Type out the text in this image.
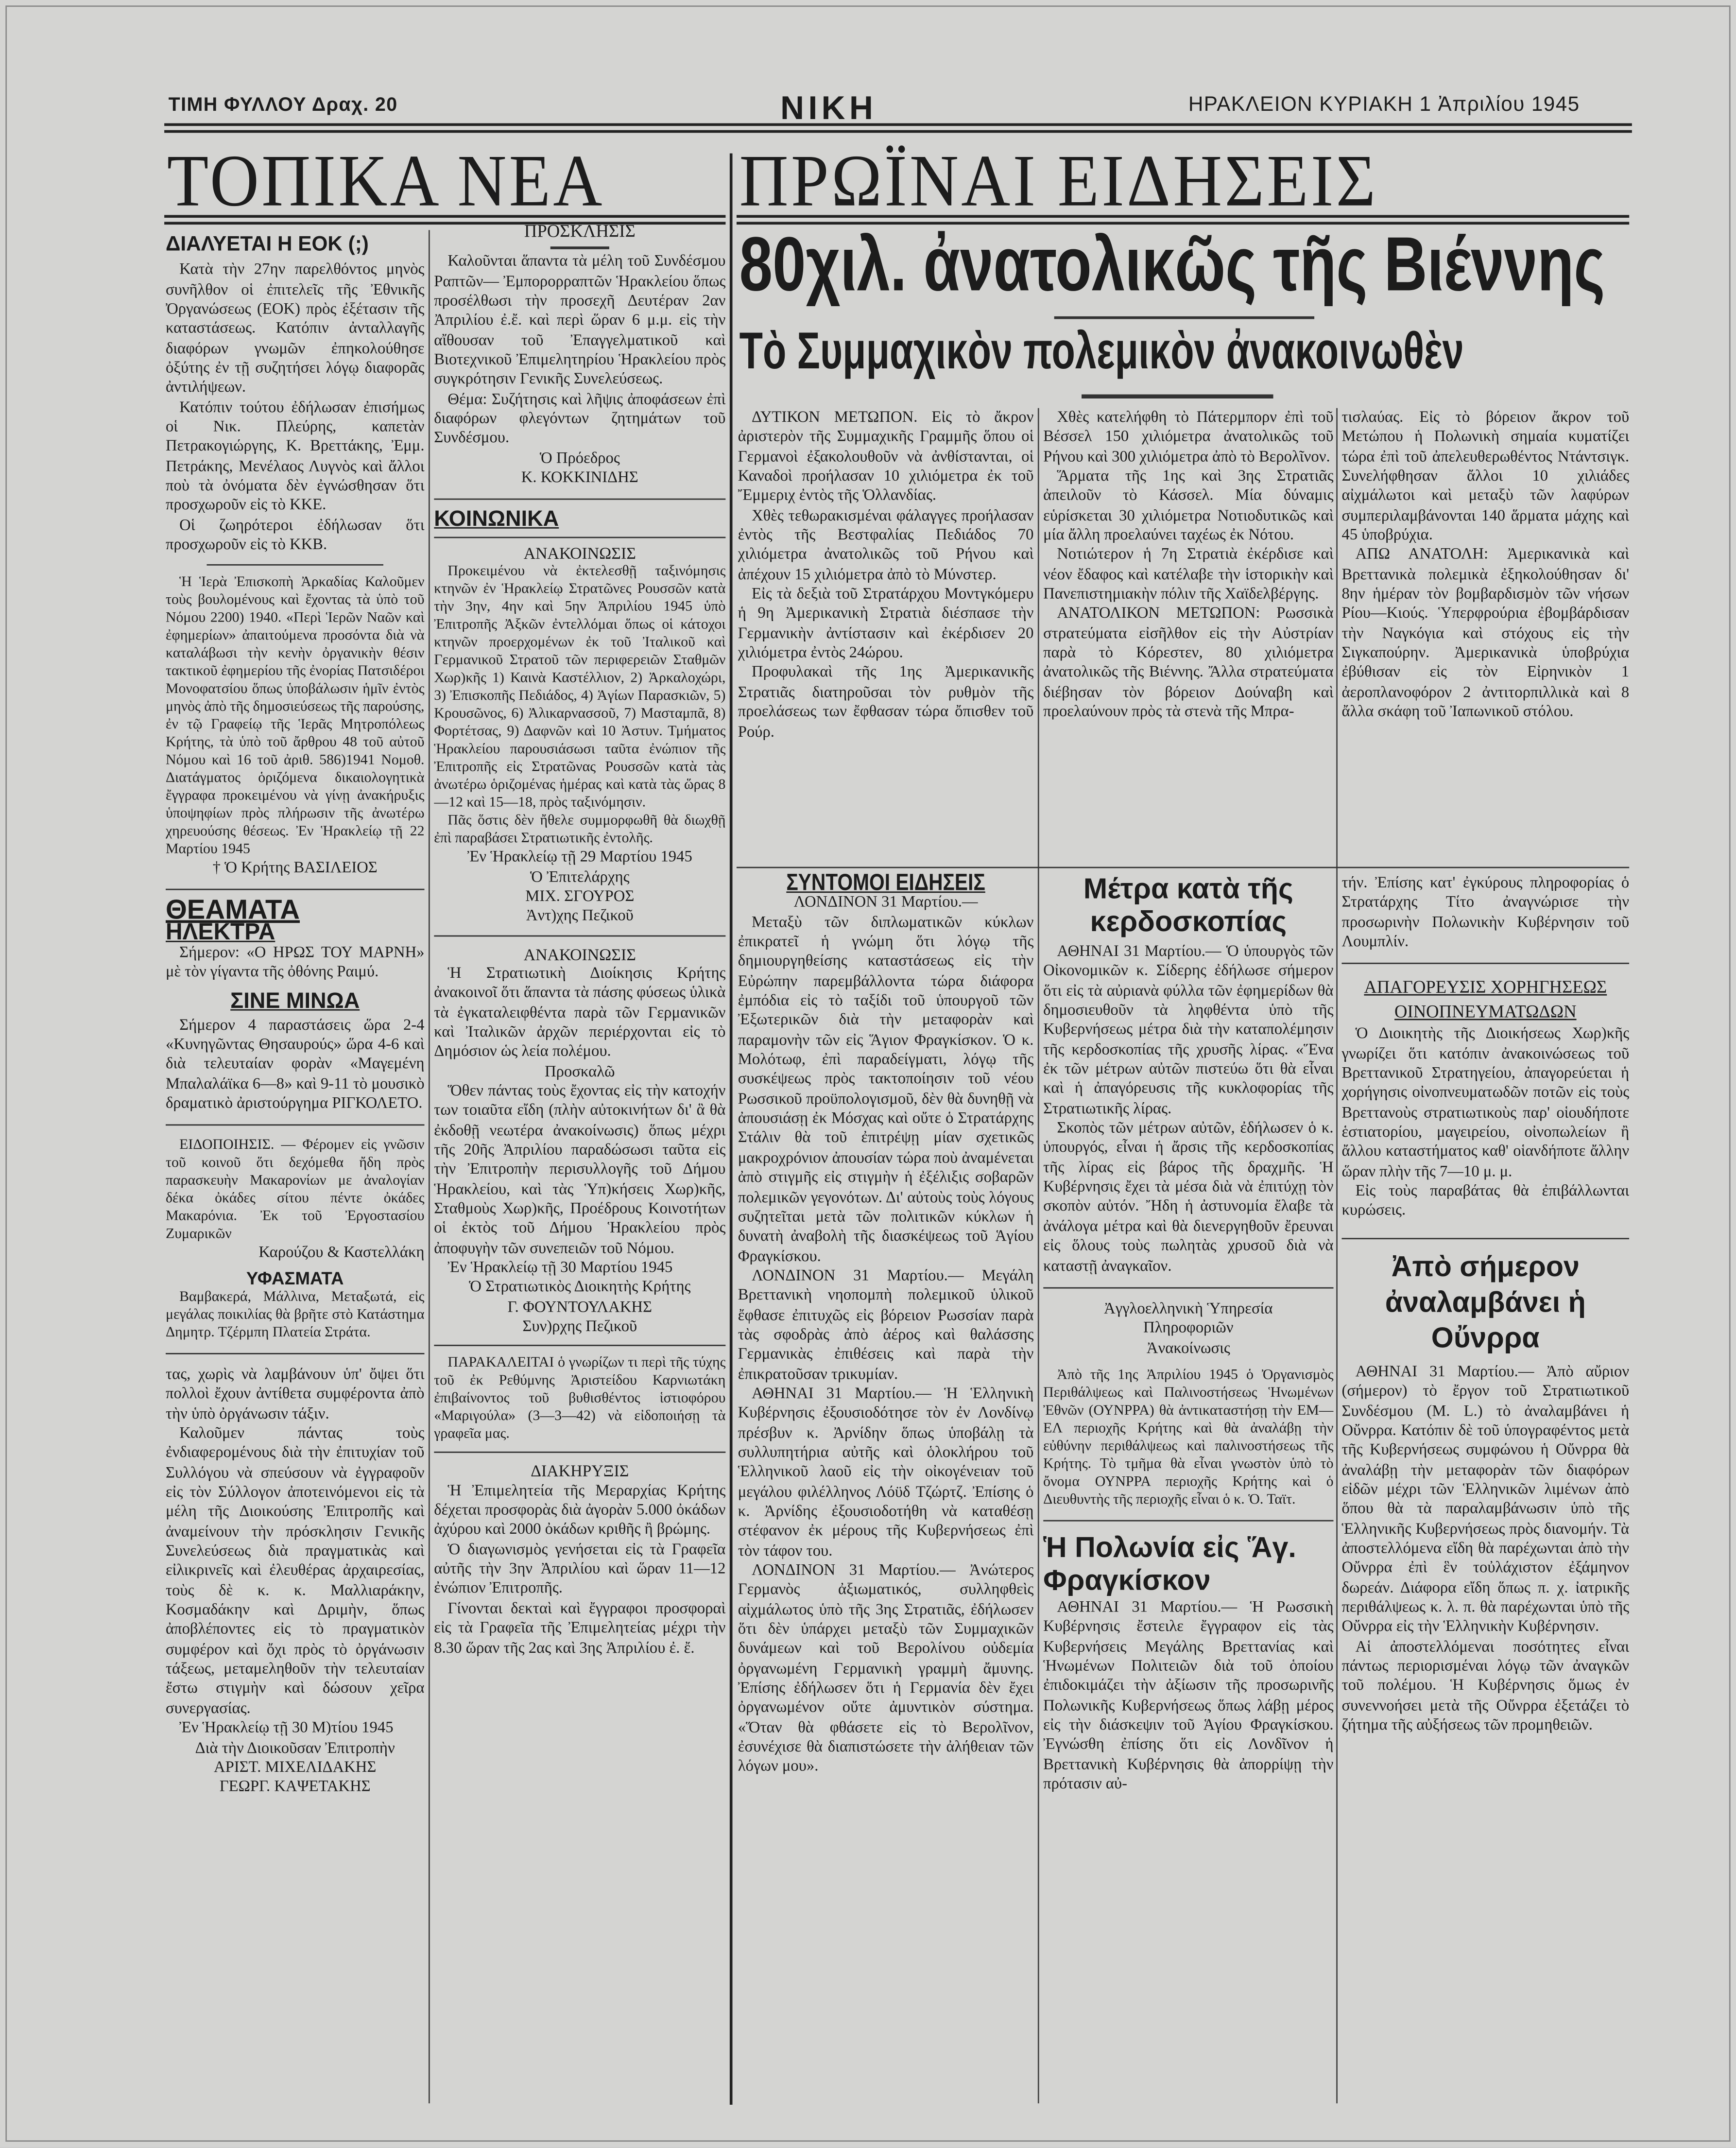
ΤΙΜΗ ΦΥΛΛΟΥ Δραχ. 20	ΝΙΚΗ	ΗΡΑΚΛΕΙΟΝ ΚΥΡΙΑΚΗ 1 Ἀπριλίου 1945
ΤΟΠΙΚΑ ΝΕΑ	ΠΡΩΪΝΑΙ ΕΙΔΗΣΕΙΣ
ΔΙΑΛΥΕΤΑΙ Η ΕΟΚ (;)

Κατὰ τὴν 27ην παρελθόντος μηνὸς συνῆλθον οἱ ἐπιτελεῖς τῆς Ἐθνικῆς Ὀργανώσεως (ΕΟΚ) πρὸς ἐξέτασιν τῆς καταστάσεως. Κατόπιν ἀνταλλαγῆς διαφόρων γνωμῶν ἐπηκολούθησε ὀξύτης ἐν τῇ συζητήσει λόγῳ διαφορᾶς ἀντιλήψεων.

Κατόπιν τούτου ἐδήλωσαν ἐπισήμως οἱ Νικ. Πλεύρης, καπετὰν Πετρακογιώργης, Κ. Βρεττάκης, Ἐμμ. Πετράκης, Μενέλαος Λυγνὸς καὶ ἄλλοι ποὺ τὰ ὀνόματα δὲν ἐγνώσθησαν ὅτι προσχωροῦν εἰς τὸ ΚΚΕ.

Οἱ ζωηρότεροι ἐδήλωσαν ὅτι προσχωροῦν εἰς τὸ ΚΚΒ.

Ἡ Ἱερὰ Ἐπισκοπὴ Ἀρκαδίας Καλοῦμεν τοὺς βουλομένους καὶ ἔχοντας τὰ ὑπὸ τοῦ Νόμου 2200) 1940. «Περὶ Ἱερῶν Ναῶν καὶ ἐφημερίων» ἀπαιτούμενα προσόντα διὰ νὰ καταλάβωσι τὴν κενὴν ὀργανικὴν θέσιν τακτικοῦ ἐφημερίου τῆς ἐνορίας Πατσιδέροι Μονοφατσίου ὅπως ὑποβάλωσιν ἡμῖν ἐντὸς μηνὸς ἀπὸ τῆς δημοσιεύσεως τῆς παρούσης, ἐν τῷ Γραφείῳ τῆς Ἱερᾶς Μητροπόλεως Κρήτης, τὰ ὑπὸ τοῦ ἄρθρου 48 τοῦ αὐτοῦ Νόμου καὶ 16 τοῦ ἀριθ. 586)1941 Νομοθ. Διατάγματος ὁριζόμενα δικαιολογητικὰ ἔγγραφα προκειμένου νὰ γίνῃ ἀνακήρυξις ὑποψηφίων πρὸς πλήρωσιν τῆς ἀνωτέρω χηρευούσης θέσεως. Ἐν Ἡρακλείῳ τῇ 22 Μαρτίου 1945

† Ὁ Κρήτης ΒΑΣΙΛΕΙΟΣ

ΘΕΑΜΑΤΑ
ΗΛΕΚΤΡΑ

Σήμερον: «Ο ΗΡΩΣ ΤΟΥ ΜΑΡΝΗ» μὲ τὸν γίγαντα τῆς ὀθόνης Ραιμύ.

ΣΙΝΕ ΜΙΝΩΑ

Σήμερον 4 παραστάσεις ὥρα 2-4 «Κυνηγῶντας Θησαυρούς» ὥρα 4-6 καὶ διὰ τελευταίαν φορὰν «Μαγεμένη Μπαλαλάϊκα 6—8» καὶ 9-11 τὸ μουσικὸ δραματικὸ ἀριστούργημα ΡΙΓΚΟΛΕΤΟ.

ΕΙΔΟΠΟΙΗΣΙΣ. — Φέρομεν εἰς γνῶσιν τοῦ κοινοῦ ὅτι δεχόμεθα ἤδη πρὸς παρασκευὴν Μακαρονίων με ἀναλογίαν δέκα ὀκάδες σίτου πέντε ὀκάδες Μακαρόνια. Ἐκ τοῦ Ἐργοστασίου Ζυμαρικῶν

Καρούζου & Καστελλάκη

ΥΦΑΣΜΑΤΑ

Βαμβακερά, Μάλλινα, Μεταξωτά, εἰς μεγάλας ποικιλίας θὰ βρῆτε στὸ Κατάστημα Δημητρ. Τζέρμπη Πλατεία Στράτα.

τας, χωρὶς νὰ λαμβάνουν ὑπ' ὄψει ὅτι πολλοὶ ἔχουν ἀντίθετα συμφέροντα ἀπὸ τὴν ὑπὸ ὀργάνωσιν τάξιν.

Καλοῦμεν πάντας τοὺς ἐνδιαφερομένους διὰ τὴν ἐπιτυχίαν τοῦ Συλλόγου νὰ σπεύσουν νὰ ἐγγραφοῦν εἰς τὸν Σύλλογον ἀποτεινόμενοι εἰς τὰ μέλη τῆς Διοικούσης Ἐπιτροπῆς καὶ ἀναμείνουν τὴν πρόσκλησιν Γενικῆς Συνελεύσεως διὰ πραγματικὰς καὶ εἰλικρινεῖς καὶ ἐλευθέρας ἀρχαιρεσίας, τοὺς δὲ κ. κ. Μαλλιαράκην, Κοσμαδάκην καὶ Δριμὴν, ὅπως ἀποβλέποντες εἰς τὸ πραγματικὸν συμφέρον καὶ ὄχι πρὸς τὸ ὀργάνωσιν τάξεως, μεταμεληθοῦν τὴν τελευταίαν ἔστω στιγμὴν καὶ δώσουν χεῖρα συνεργασίας.

Ἐν Ἡρακλείῳ τῇ 30 Μ)τίου 1945

Διὰ τὴν Διοικοῦσαν Ἐπιτροπὴν

ΑΡΙΣΤ. ΜΙΧΕΛΙΔΑΚΗΣ

ΓΕΩΡΓ. ΚΑΨΕΤΑΚΗΣ

ΠΡΟΣΚΛΗΣΙΣ

Καλοῦνται ἅπαντα τὰ μέλη τοῦ Συνδέσμου Ραπτῶν— Ἐμπορορραπτῶν Ἡρακλείου ὅπως προσέλθωσι τὴν προσεχῆ Δευτέραν 2αν Ἀπριλίου ἐ.ἔ. καὶ περὶ ὥραν 6 μ.μ. εἰς τὴν αἴθουσαν τοῦ Ἐπαγγελματικοῦ καὶ Βιοτεχνικοῦ Ἐπιμελητηρίου Ἡρακλείου πρὸς συγκρότησιν Γενικῆς Συνελεύσεως.

Θέμα: Συζήτησις καὶ λῆψις ἀποφάσεων ἐπὶ διαφόρων φλεγόντων ζητημάτων τοῦ Συνδέσμου.

Ὁ Πρόεδρος

Κ. ΚΟΚΚΙΝΙΔΗΣ

ΚΟΙΝΩΝΙΚΑ
ΑΝΑΚΟΙΝΩΣΙΣ

Προκειμένου νὰ ἐκτελεσθῇ ταξινόμησις κτηνῶν ἐν Ἡρακλείῳ Στρατῶνες Ρουσσῶν κατὰ τὴν 3ην, 4ην καὶ 5ην Ἀπριλίου 1945 ὑπὸ Ἐπιτροπῆς Ἀξκῶν ἐντελλόμαι ὅπως οἱ κάτοχοι κτηνῶν προερχομένων ἐκ τοῦ Ἰταλικοῦ καὶ Γερμανικοῦ Στρατοῦ τῶν περιφερειῶν Σταθμῶν Χωρ)κῆς 1) Καινὰ Καστέλλιον, 2) Ἀρκαλοχώρι, 3) Ἐπισκοπῆς Πεδιάδος, 4) Ἁγίων Παρασκιῶν, 5) Κρουσῶνος, 6) Ἀλικαρνασσοῦ, 7) Μασταμπᾶ, 8) Φορτέτσας, 9) Δαφνῶν καὶ 10 Ἀστυν. Τμήματος Ἡρακλείου παρουσιάσωσι ταῦτα ἐνώπιον τῆς Ἐπιτροπῆς εἰς Στρατῶνας Ρουσσῶν κατὰ τὰς ἀνωτέρω ὁριζομένας ἡμέρας καὶ κατὰ τὰς ὥρας 8—12 καὶ 15—18, πρὸς ταξινόμησιν.

Πᾶς ὅστις δὲν ἤθελε συμμορφωθῆ θὰ διωχθῇ ἐπὶ παραβάσει Στρατιωτικῆς ἐντολῆς.

Ἐν Ἡρακλείῳ τῇ 29 Μαρτίου 1945

Ὁ Ἐπιτελάρχης

ΜΙΧ. ΣΓΟΥΡΟΣ

Ἀντ)χης Πεζικοῦ

ΑΝΑΚΟΙΝΩΣΙΣ

Ἡ Στρατιωτικὴ Διοίκησις Κρήτης ἀνακοινοῖ ὅτι ἅπαντα τὰ πάσης φύσεως ὑλικὰ τὰ ἐγκαταλειφθέντα παρὰ τῶν Γερμανικῶν καὶ Ἰταλικῶν ἀρχῶν περιέρχονται εἰς τὸ Δημόσιον ὡς λεία πολέμου.

Προσκαλῶ

Ὅθεν πάντας τοὺς ἔχοντας εἰς τὴν κατοχήν των τοιαῦτα εἴδη (πλὴν αὐτοκινήτων δι' ἃ θὰ ἐκδοθῇ νεωτέρα ἀνακοίνωσις) ὅπως μέχρι τῆς 20ῆς Ἀπριλίου παραδώσωσι ταῦτα εἰς τὴν Ἐπιτροπὴν περισυλλογῆς τοῦ Δήμου Ἡρακλείου, καὶ τὰς Ὑπ)κήσεις Χωρ)κῆς, Σταθμοὺς Χωρ)κῆς, Προέδρους Κοινοτήτων οἱ ἐκτὸς τοῦ Δήμου Ἡρακλείου πρὸς ἀποφυγὴν τῶν συνεπειῶν τοῦ Νόμου.

Ἐν Ἡρακλείῳ τῇ 30 Μαρτίου 1945

Ὁ Στρατιωτικὸς Διοικητὴς Κρήτης

Γ. ΦΟΥΝΤΟΥΛΑΚΗΣ

Συν)ρχης Πεζικοῦ

ΠΑΡΑΚΑΛΕΙΤΑΙ ὁ γνωρίζων τι περὶ τῆς τύχης τοῦ ἐκ Ρεθύμνης Ἀριστείδου Καρνιωτάκη ἐπιβαίνοντος τοῦ βυθισθέντος ἱστιοφόρου «Μαριγούλα» (3—3—42) νὰ εἰδοποιήσῃ τὰ γραφεῖα μας.

ΔΙΑΚΗΡΥΞΙΣ

Ἡ Ἐπιμελητεία τῆς Μεραρχίας Κρήτης δέχεται προσφορὰς διὰ ἀγορὰν 5.000 ὀκάδων ἀχύρου καὶ 2000 ὀκάδων κριθῆς ἢ βρώμης.

Ὁ διαγωνισμὸς γενήσεται εἰς τὰ Γραφεῖα αὐτῆς τὴν 3ην Ἀπριλίου καὶ ὥραν 11—12 ἐνώπιον Ἐπιτροπῆς.

Γίνονται δεκταὶ καὶ ἔγγραφοι προσφοραὶ εἰς τὰ Γραφεῖα τῆς Ἐπιμελητείας μέχρι τὴν 8.30 ὥραν τῆς 2ας καὶ 3ης Ἀπριλίου ἐ. ἔ.

80χιλ. ἀνατολικῶς τῆς Βιέννης
Τὸ Συμμαχικὸν πολεμικὸν ἀνακοινωθὲν

ΔΥΤΙΚΟΝ ΜΕΤΩΠΟΝ. Εἰς τὸ ἄκρον ἀριστερὸν τῆς Συμμαχικῆς Γραμμῆς ὅπου οἱ Γερμανοὶ ἐξακολουθοῦν νὰ ἀνθίστανται, οἱ Καναδοὶ προήλασαν 10 χιλιόμετρα ἐκ τοῦ Ἔμμεριχ ἐντὸς τῆς Ὁλλανδίας.

Χθὲς τεθωρακισμέναι φάλαγγες προήλασαν ἐντὸς τῆς Βεστφαλίας Πεδιάδος 70 χιλιόμετρα ἀνατολικῶς τοῦ Ρήνου καὶ ἀπέχουν 15 χιλιόμετρα ἀπὸ τὸ Μύνστερ.

Εἰς τὰ δεξιὰ τοῦ Στρατάρχου Μοντγκόμερυ ἡ 9η Ἀμερικανικὴ Στρατιὰ διέσπασε τὴν Γερμανικὴν ἀντίστασιν καὶ ἐκέρδισεν 20 χιλιόμετρα ἐντὸς 24ώρου.

Προφυλακαὶ τῆς 1ης Ἀμερικανικῆς Στρατιᾶς διατηροῦσαι τὸν ρυθμὸν τῆς προελάσεως των ἔφθασαν τώρα ὄπισθεν τοῦ Ρούρ.

Χθὲς κατελήφθη τὸ Πάτερμπορν ἐπὶ τοῦ Βέσσελ 150 χιλιόμετρα ἀνατολικῶς τοῦ Ρήνου καὶ 300 χιλιόμετρα ἀπὸ τὸ Βερολῖνον.

Ἅρματα τῆς 1ης καὶ 3ης Στρατιᾶς ἀπειλοῦν τὸ Κάσσελ. Μία δύναμις εὑρίσκεται 30 χιλιόμετρα Νοτιοδυτικῶς καὶ μία ἄλλη προελαύνει ταχέως ἐκ Νότου.

Νοτιώτερον ἡ 7η Στρατιὰ ἐκέρδισε καὶ νέον ἔδαφος καὶ κατέλαβε τὴν ἱστορικὴν καὶ Πανεπιστημιακὴν πόλιν τῆς Χαϊδελβέργης.

ΑΝΑΤΟΛΙΚΟΝ ΜΕΤΩΠΟΝ: Ρωσσικὰ στρατεύματα εἰσῆλθον εἰς τὴν Αὐστρίαν παρὰ τὸ Κόρεστεν, 80 χιλιόμετρα ἀνατολικῶς τῆς Βιέννης. Ἄλλα στρατεύματα διέβησαν τὸν βόρειον Δούναβη καὶ προελαύνουν πρὸς τὰ στενὰ τῆς Μπρα-

τισλαύας. Εἰς τὸ βόρειον ἄκρον τοῦ Μετώπου ἡ Πολωνικὴ σημαία κυματίζει τώρα ἐπὶ τοῦ ἀπελευθερωθέντος Ντάντσιγκ. Συνελήφθησαν ἄλλοι 10 χιλιάδες αἰχμάλωτοι καὶ μεταξὺ τῶν λαφύρων συμπεριλαμβάνονται 140 ἅρματα μάχης καὶ 45 ὑποβρύχια.

ΑΠΩ ΑΝΑΤΟΛΗ: Ἀμερικανικὰ καὶ Βρεττανικὰ πολεμικὰ ἐξηκολούθησαν δι' 8ην ἡμέραν τὸν βομβαρδισμὸν τῶν νήσων Ρίου—Κιούς. Ὑπερφρούρια ἐβομβάρδισαν τὴν Ναγκόγια καὶ στόχους εἰς τὴν Σιγκαπούρην. Ἀμερικανικὰ ὑποβρύχια ἐβύθισαν εἰς τὸν Εἰρηνικὸν 1 ἀεροπλανοφόρον 2 ἀντιτορπιλλικὰ καὶ 8 ἄλλα σκάφη τοῦ Ἰαπωνικοῦ στόλου.

ΣΥΝΤΟΜΟΙ ΕΙΔΗΣΕΙΣ

ΛΟΝΔΙΝΟΝ 31 Μαρτίου.—

Μεταξὺ τῶν διπλωματικῶν κύκλων ἐπικρατεῖ ἡ γνώμη ὅτι λόγῳ τῆς δημιουργηθείσης καταστάσεως εἰς τὴν Εὐρώπην παρεμβάλλοντα τώρα διάφορα ἐμπόδια εἰς τὸ ταξίδι τοῦ ὑπουργοῦ τῶν Ἐξωτερικῶν διὰ τὴν μεταφορὰν καὶ παραμονὴν τῶν εἰς Ἅγιον Φραγκίσκον. Ὁ κ. Μολότωφ, ἐπὶ παραδείγματι, λόγῳ τῆς συσκέψεως πρὸς τακτοποίησιν τοῦ νέου Ρωσσικοῦ προϋπολογισμοῦ, δὲν θὰ δυνηθῇ νὰ ἀπουσιάσῃ ἐκ Μόσχας καὶ οὔτε ὁ Στρατάρχης Στάλιν θὰ τοῦ ἐπιτρέψῃ μίαν σχετικῶς μακροχρόνιον ἀπουσίαν τώρα ποὺ ἀναμένεται ἀπὸ στιγμῆς εἰς στιγμὴν ἡ ἐξέλιξις σοβαρῶν πολεμικῶν γεγονότων. Δι' αὐτοὺς τοὺς λόγους συζητεῖται μετὰ τῶν πολιτικῶν κύκλων ἡ δυνατὴ ἀναβολὴ τῆς διασκέψεως τοῦ Ἁγίου Φραγκίσκου.

ΛΟΝΔΙΝΟΝ 31 Μαρτίου.— Μεγάλη Βρεττανικὴ νηοπομπὴ πολεμικοῦ ὑλικοῦ ἔφθασε ἐπιτυχῶς εἰς βόρειον Ρωσσίαν παρὰ τὰς σφοδρὰς ἀπὸ ἀέρος καὶ θαλάσσης Γερμανικὰς ἐπιθέσεις καὶ παρὰ τὴν ἐπικρατοῦσαν τρικυμίαν.

ΑΘΗΝΑΙ 31 Μαρτίου.— Ἡ Ἑλληνικὴ Κυβέρνησις ἐξουσιοδότησε τὸν ἐν Λονδίνῳ πρέσβυν κ. Ἀρνίδην ὅπως ὑποβάλῃ τὰ συλλυπητήρια αὐτῆς καὶ ὁλοκλήρου τοῦ Ἑλληνικοῦ λαοῦ εἰς τὴν οἰκογένειαν τοῦ μεγάλου φιλέλληνος Λόϋδ Τζώρτζ. Ἐπίσης ὁ κ. Ἀρνίδης ἐξουσιοδοτήθη νὰ καταθέσῃ στέφανον ἐκ μέρους τῆς Κυβερνήσεως ἐπὶ τὸν τάφον του.

ΛΟΝΔΙΝΟΝ 31 Μαρτίου.— Ἀνώτερος Γερμανὸς ἀξιωματικός, συλληφθεὶς αἰχμάλωτος ὑπὸ τῆς 3ης Στρατιᾶς, ἐδήλωσεν ὅτι δὲν ὑπάρχει μεταξὺ τῶν Συμμαχικῶν δυνάμεων καὶ τοῦ Βερολίνου οὐδεμία ὀργανωμένη Γερμανικὴ γραμμὴ ἄμυνης. Ἐπίσης ἐδήλωσεν ὅτι ἡ Γερμανία δὲν ἔχει ὀργανωμένον οὔτε ἀμυντικὸν σύστημα. «Ὅταν θὰ φθάσετε εἰς τὸ Βερολῖνον, ἐσυνέχισε θὰ διαπιστώσετε τὴν ἀλήθειαν τῶν λόγων μου».

Μέτρα κατὰ τῆς κερδοσκοπίας

ΑΘΗΝΑΙ 31 Μαρτίου.— Ὁ ὑπουργὸς τῶν Οἰκονομικῶν κ. Σίδερης ἐδήλωσε σήμερον ὅτι εἰς τὰ αὐριανὰ φύλλα τῶν ἐφημερίδων θὰ δημοσιευθοῦν τὰ ληφθέντα ὑπὸ τῆς Κυβερνήσεως μέτρα διὰ τὴν καταπολέμησιν τῆς κερδοσκοπίας τῆς χρυσῆς λίρας. «Ἕνα ἐκ τῶν μέτρων αὐτῶν πιστεύω ὅτι θὰ εἶναι καὶ ἡ ἀπαγόρευσις τῆς κυκλοφορίας τῆς Στρατιωτικῆς λίρας.

Σκοπὸς τῶν μέτρων αὐτῶν, ἐδήλωσεν ὁ κ. ὑπουργός, εἶναι ἡ ἄρσις τῆς κερδοσκοπίας τῆς λίρας εἰς βάρος τῆς δραχμῆς. Ἡ Κυβέρνησις ἔχει τὰ μέσα διὰ νὰ ἐπιτύχῃ τὸν σκοπὸν αὐτόν. Ἤδη ἡ ἀστυνομία ἔλαβε τὰ ἀνάλογα μέτρα καὶ θὰ διενεργηθοῦν ἔρευναι εἰς ὅλους τοὺς πωλητὰς χρυσοῦ διὰ νὰ καταστῇ ἀναγκαῖον.

Ἀγγλοελληνικὴ Ὑπηρεσία

Πληροφοριῶν

Ἀνακοίνωσις

Ἀπὸ τῆς 1ης Ἀπριλίου 1945 ὁ Ὀργανισμὸς Περιθάλψεως καὶ Παλινοστήσεως Ἡνωμένων Ἐθνῶν (ΟΥΝΡΡΑ) θὰ ἀντικαταστήσῃ τὴν ΕΜ—ΕΛ περιοχῆς Κρήτης καὶ θὰ ἀναλάβῃ τὴν εὐθύνην περιθάλψεως καὶ παλινοστήσεως τῆς Κρήτης. Τὸ τμῆμα θὰ εἶναι γνωστὸν ὑπὸ τὸ ὄνομα ΟΥΝΡΡΑ περιοχῆς Κρήτης καὶ ὁ Διευθυντὴς τῆς περιοχῆς εἶναι ὁ κ. Ὁ. Ταϊτ.

Ἡ Πολωνία εἰς Ἅγ. Φραγκίσκον

ΑΘΗΝΑΙ 31 Μαρτίου.— Ἡ Ρωσσικὴ Κυβέρνησις ἔστειλε ἔγγραφον εἰς τὰς Κυβερνήσεις Μεγάλης Βρεττανίας καὶ Ἡνωμένων Πολιτειῶν διὰ τοῦ ὁποίου ἐπιδοκιμάζει τὴν ἀξίωσιν τῆς προσωρινῆς Πολωνικῆς Κυβερνήσεως ὅπως λάβῃ μέρος εἰς τὴν διάσκεψιν τοῦ Ἁγίου Φραγκίσκου. Ἐγνώσθη ἐπίσης ὅτι εἰς Λονδῖνον ἡ Βρεττανικὴ Κυβέρνησις θὰ ἀπορρίψῃ τὴν πρότασιν αὐ-

τήν. Ἐπίσης κατ' ἐγκύρους πληροφορίας ὁ Στρατάρχης Τίτο ἀναγνώρισε τὴν προσωρινὴν Πολωνικὴν Κυβέρνησιν τοῦ Λουμπλίν.

ΑΠΑΓΟΡΕΥΣΙΣ ΧΟΡΗΓΗΣΕΩΣ ΟΙΝΟΠΝΕΥΜΑΤΩΔΩΝ

Ὁ Διοικητὴς τῆς Διοικήσεως Χωρ)κῆς γνωρίζει ὅτι κατόπιν ἀνακοινώσεως τοῦ Βρεττανικοῦ Στρατηγείου, ἀπαγορεύεται ἡ χορήγησις οἰνοπνευματωδῶν ποτῶν εἰς τοὺς Βρεττανοὺς στρατιωτικοὺς παρ' οἱουδήποτε ἑστιατορίου, μαγειρείου, οἰνοπωλείων ἢ ἄλλου καταστήματος καθ' οἱανδήποτε ἄλλην ὥραν πλὴν τῆς 7—10 μ. μ.

Εἰς τοὺς παραβάτας θὰ ἐπιβάλλωνται κυρώσεις.

Ἀπὸ σήμερον ἀναλαμβάνει ἡ Οὔνρρα

ΑΘΗΝΑΙ 31 Μαρτίου.— Ἀπὸ αὔριον (σήμερον) τὸ ἔργον τοῦ Στρατιωτικοῦ Συνδέσμου (Μ. L.) τὸ ἀναλαμβάνει ἡ Οὔνρρα. Κατόπιν δὲ τοῦ ὑπογραφέντος μετὰ τῆς Κυβερνήσεως συμφώνου ἡ Οὔνρρα θὰ ἀναλάβῃ τὴν μεταφορὰν τῶν διαφόρων εἰδῶν μέχρι τῶν Ἑλληνικῶν λιμένων ἀπὸ ὅπου θὰ τὰ παραλαμβάνωσιν ὑπὸ τῆς Ἑλληνικῆς Κυβερνήσεως πρὸς διανομήν. Τὰ ἀποστελλόμενα εἴδη θὰ παρέχωνται ἀπὸ τὴν Οὔνρρα ἐπὶ ἓν τοὐλάχιστον ἐξάμηνον δωρεάν. Διάφορα εἴδη ὅπως π. χ. ἰατρικῆς περιθάλψεως κ. λ. π. θὰ παρέχωνται ὑπὸ τῆς Οὔνρρα εἰς τὴν Ἑλληνικὴν Κυβέρνησιν.

Αἱ ἀποστελλόμεναι ποσότητες εἶναι πάντως περιορισμέναι λόγῳ τῶν ἀναγκῶν τοῦ πολέμου. Ἡ Κυβέρνησις ὅμως ἐν συνεννοήσει μετὰ τῆς Οὔνρρα ἐξετάζει τὸ ζήτημα τῆς αὐξήσεως τῶν προμηθειῶν.
